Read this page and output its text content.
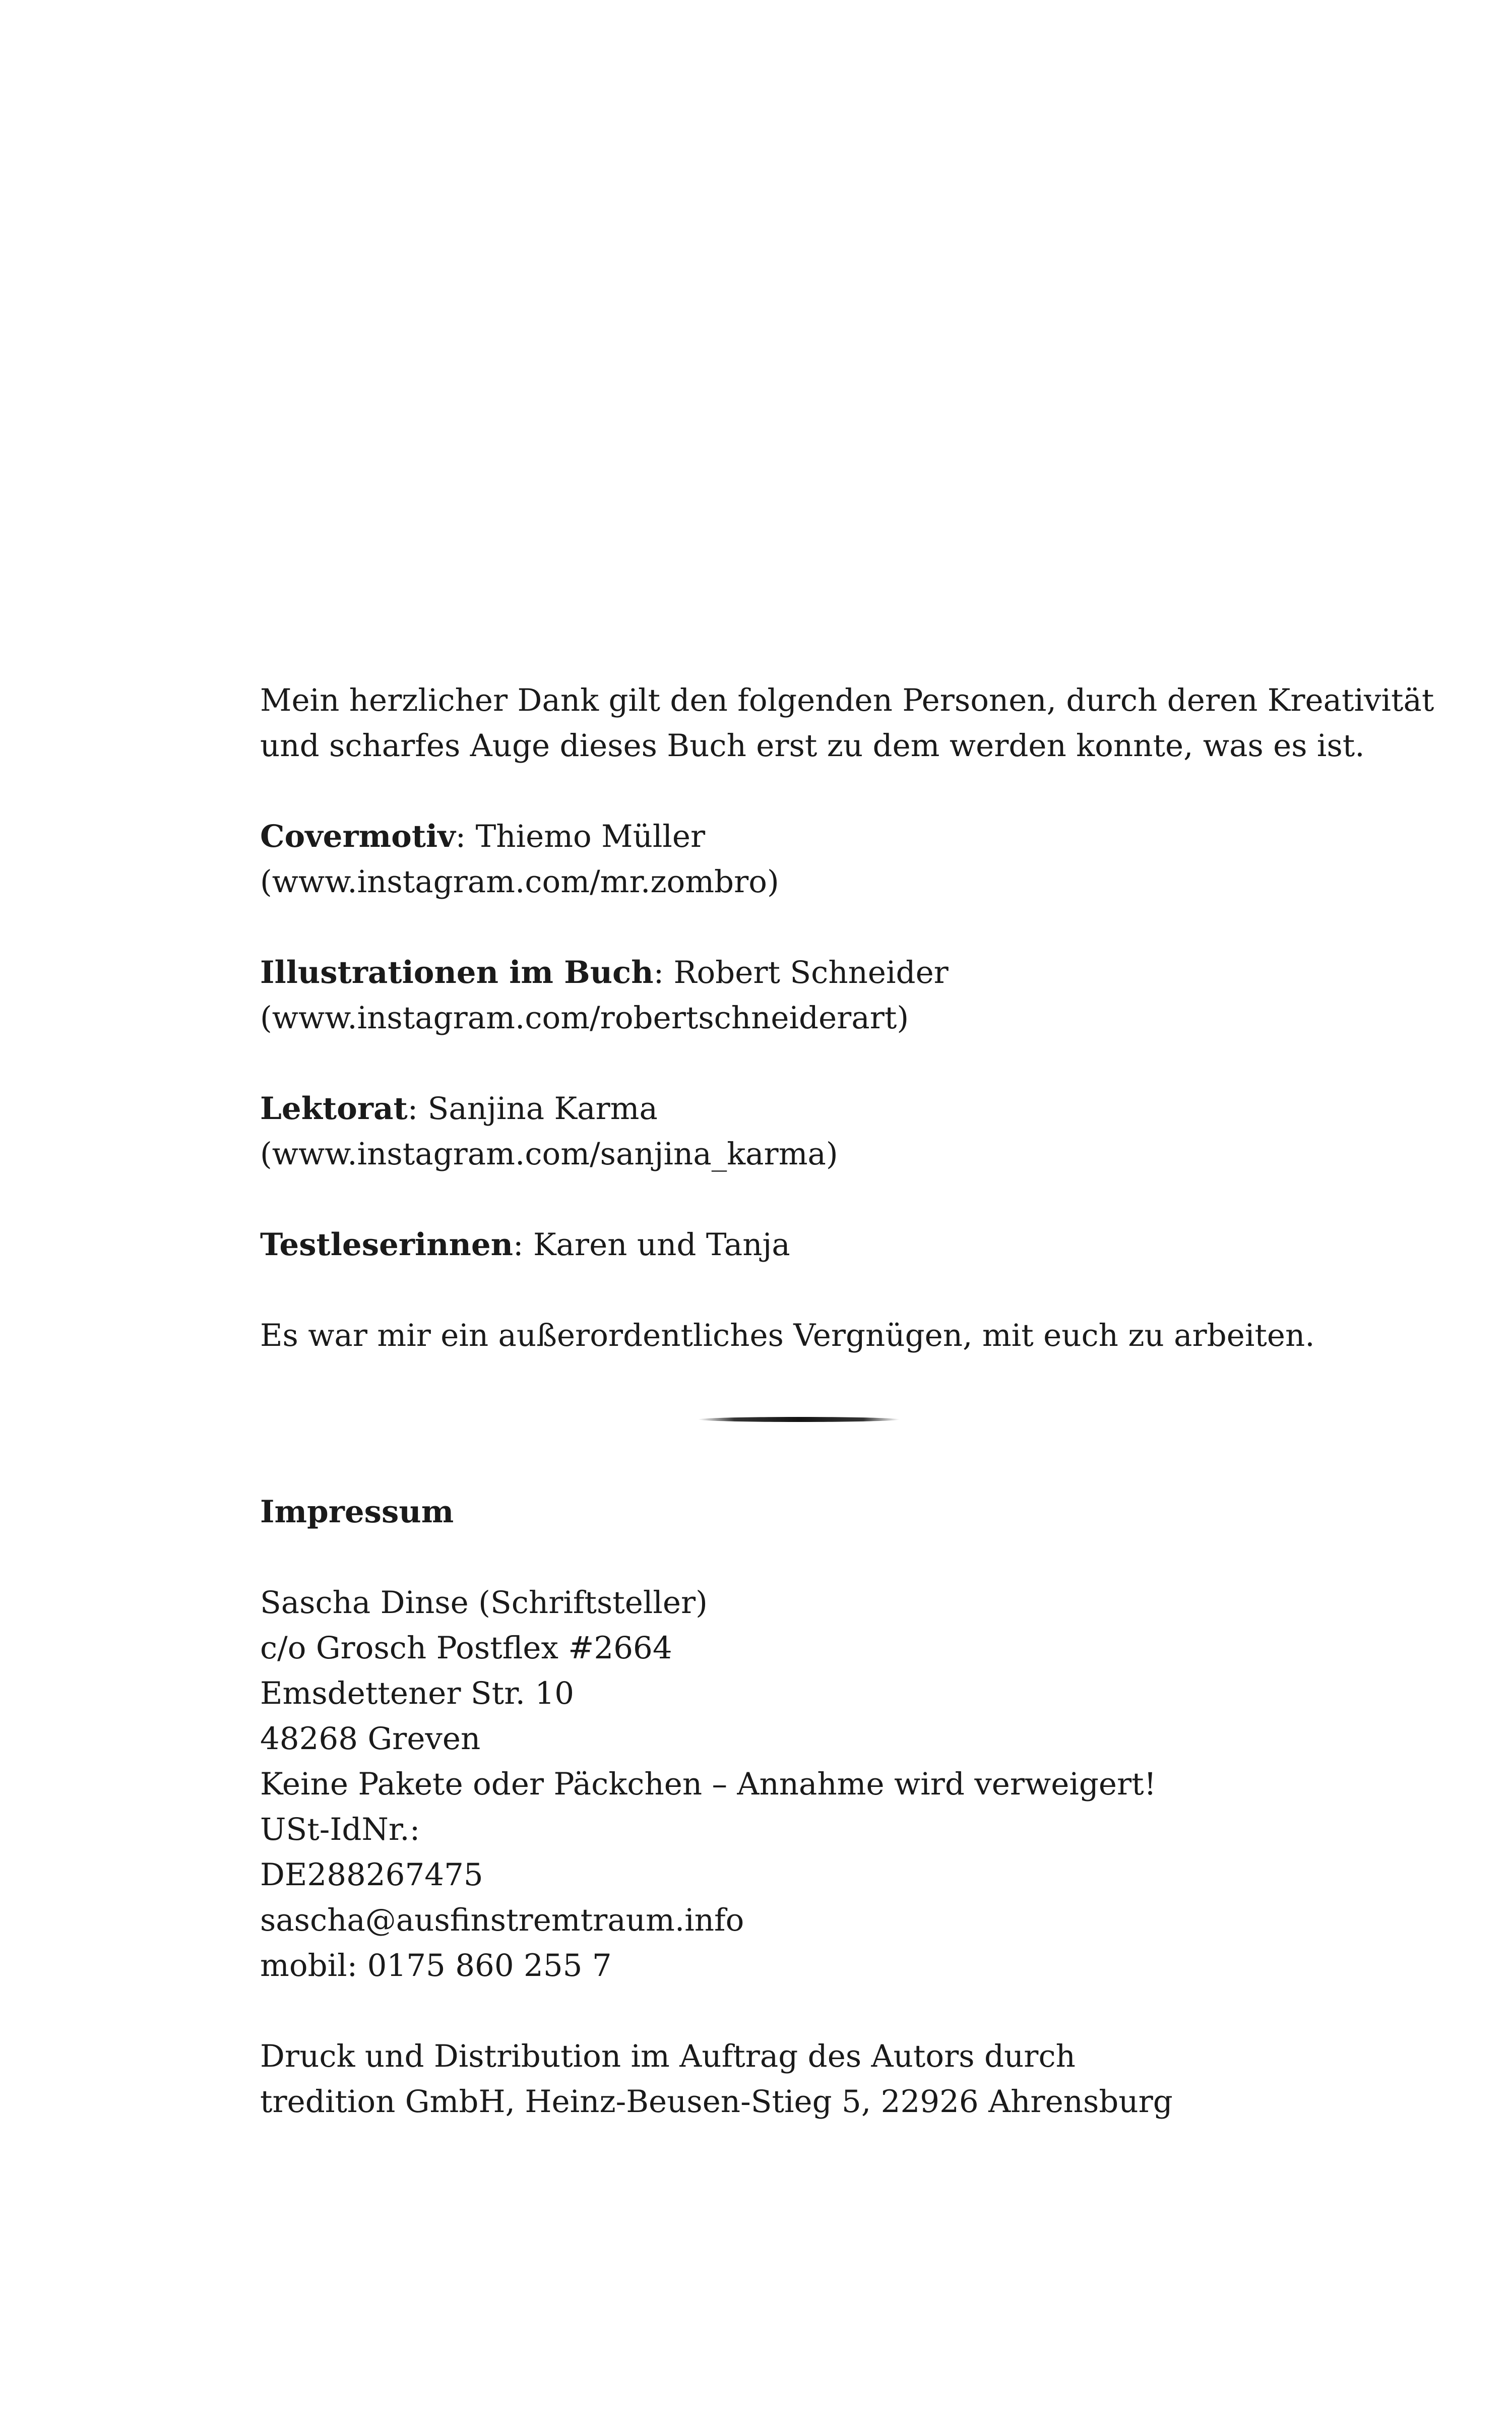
Mein herzlicher Dank gilt den folgenden Personen, durch deren Kreativität

und scharfes Auge dieses Buch erst zu dem werden konnte, was es ist.

Covermotiv: Thiemo Müller

(www.instagram.com/mr.zombro)

Illustrationen im Buch: Robert Schneider

(www.instagram.com/robertschneiderart)

Lektorat: Sanjina Karma

(www.instagram.com/sanjina_karma)

Testleserinnen: Karen und Tanja

Es war mir ein außerordentliches Vergnügen, mit euch zu arbeiten.

Impressum

Sascha Dinse (Schriftsteller)

c/o Grosch Postflex #2664

Emsdettener Str. 10

48268 Greven

Keine Pakete oder Päckchen – Annahme wird verweigert!

USt-IdNr.:

DE288267475

sascha@ausfinstremtraum.info

mobil: 0175 860 255 7

Druck und Distribution im Auftrag des Autors durch

tredition GmbH, Heinz-Beusen-Stieg 5, 22926 Ahrensburg
